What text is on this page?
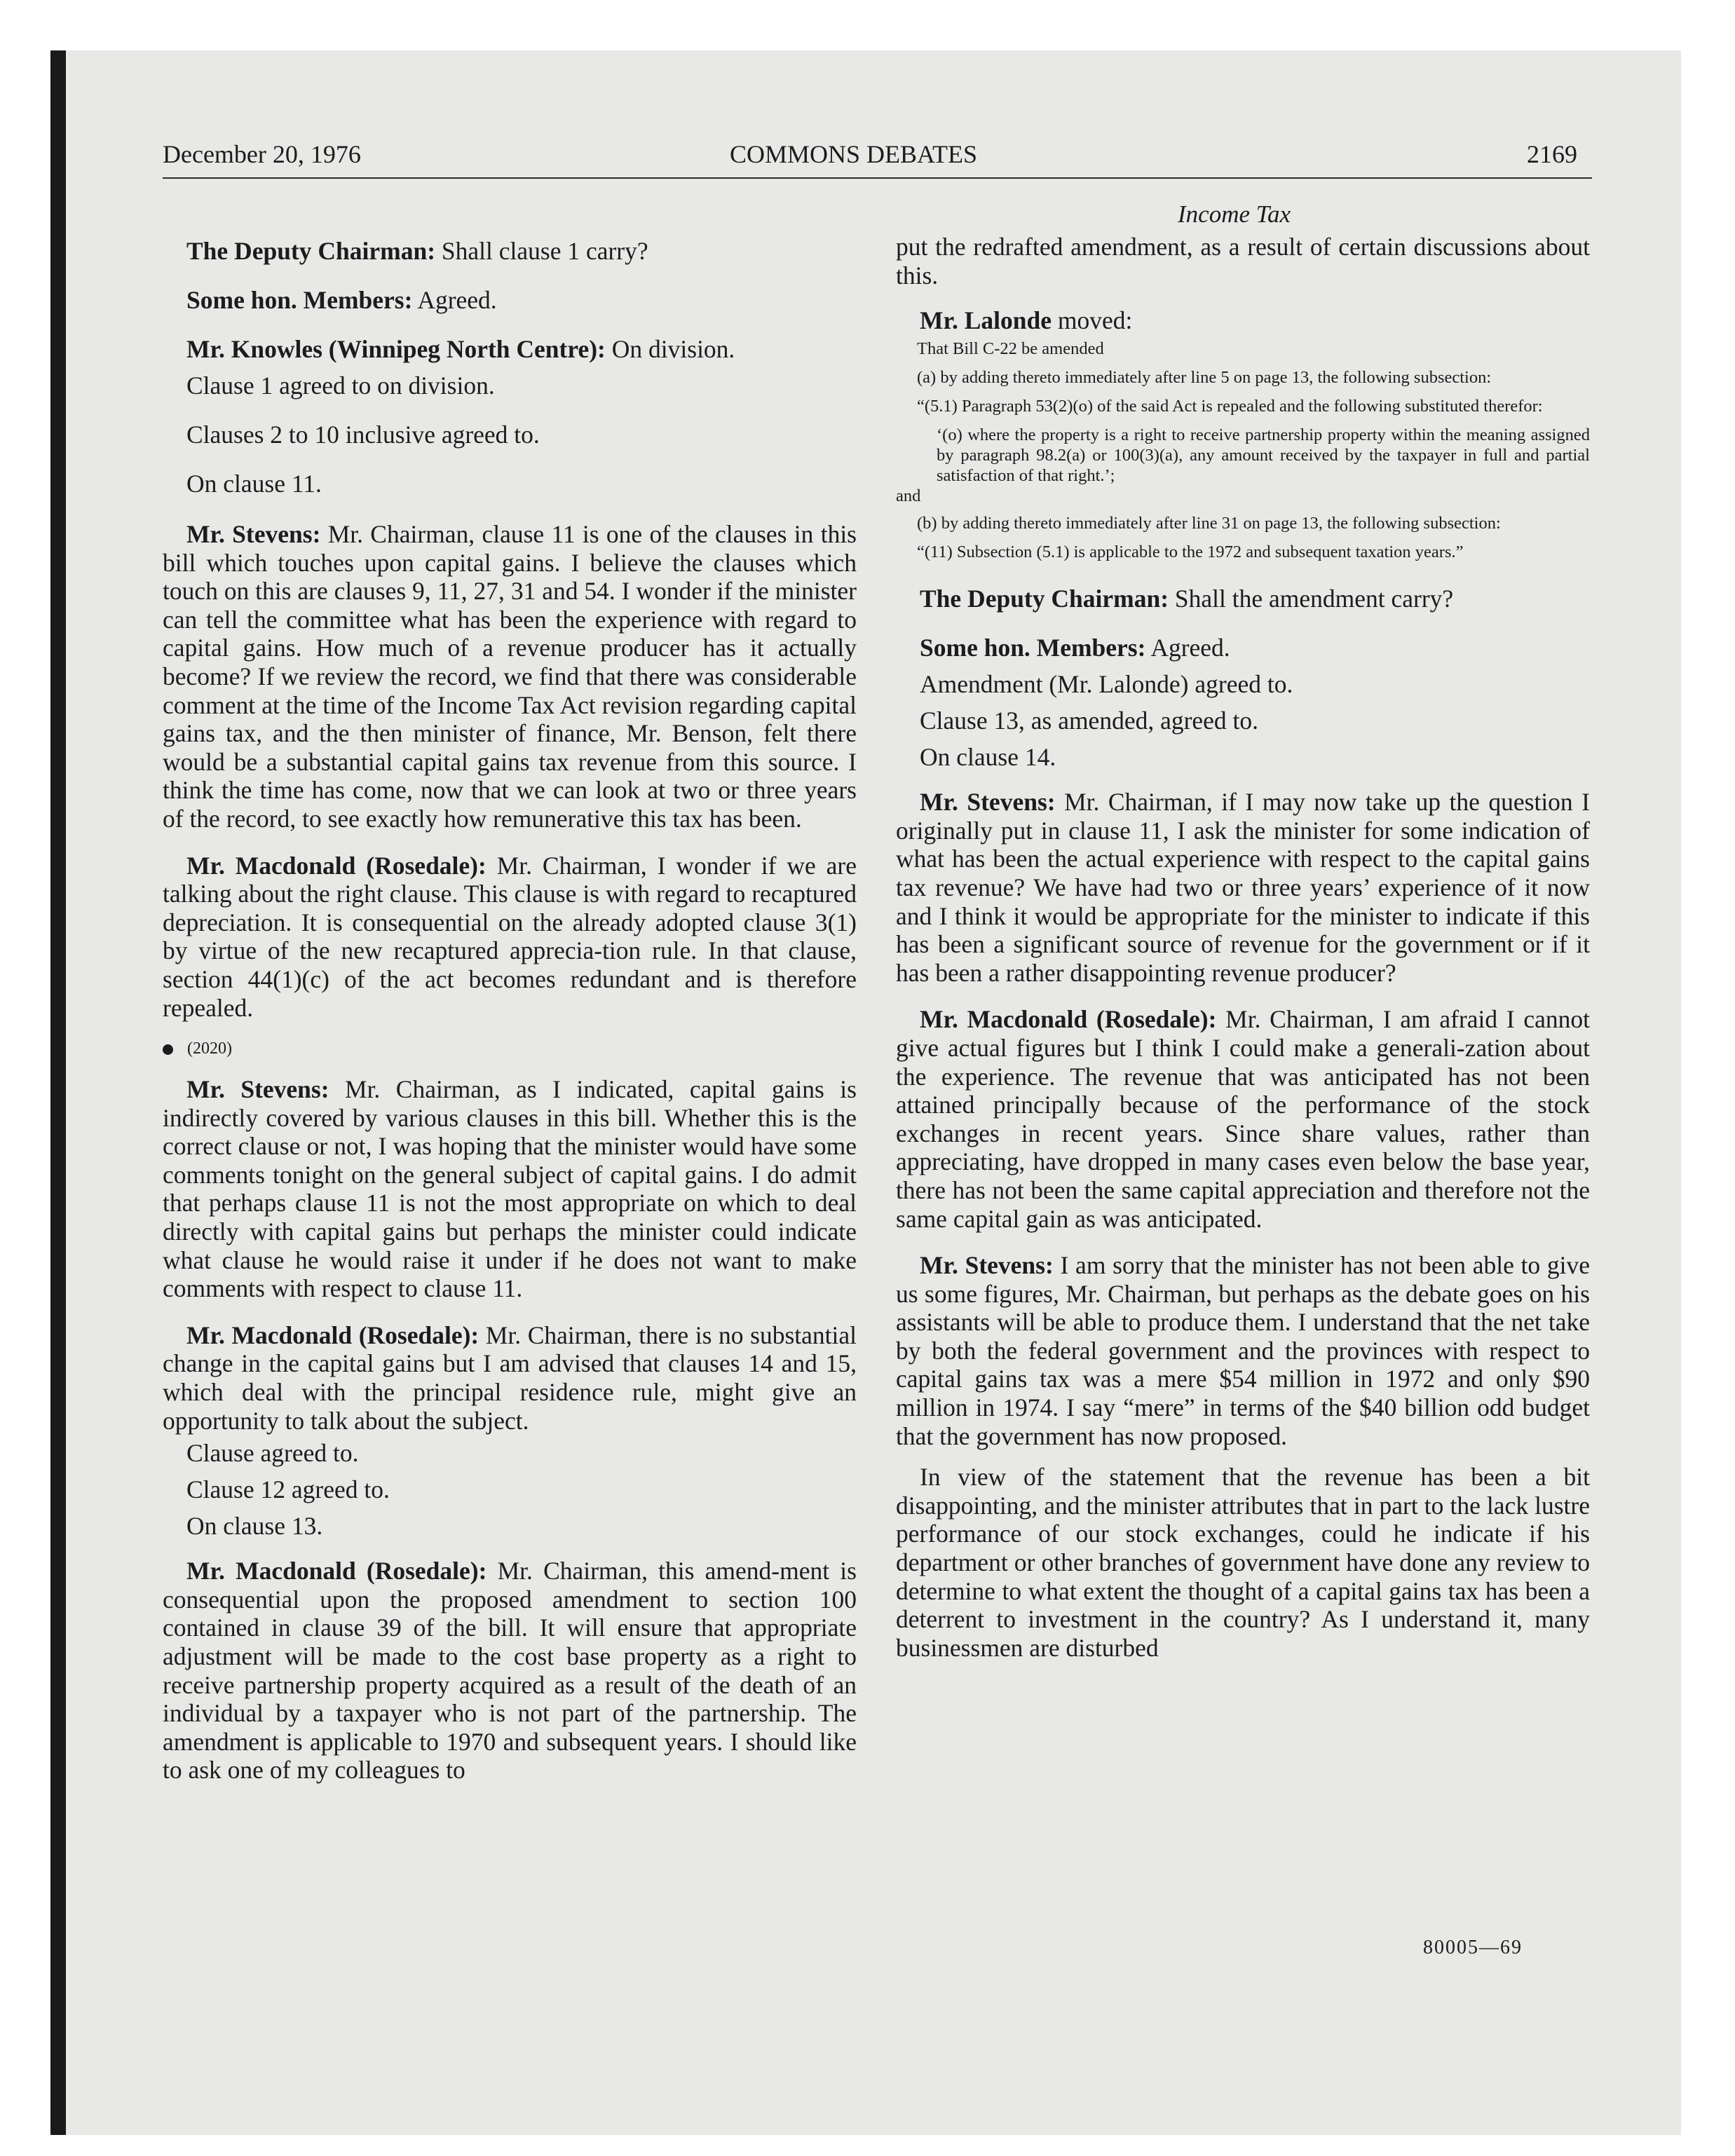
December 20, 1976	COMMONS DEBATES	2169
Income Tax

The Deputy Chairman: Shall clause 1 carry?

Some hon. Members: Agreed.

Mr. Knowles (Winnipeg North Centre): On division.

Clause 1 agreed to on division.

Clauses 2 to 10 inclusive agreed to.

On clause 11.

Mr. Stevens: Mr. Chairman, clause 11 is one of the clauses in this bill which touches upon capital gains. I believe the clauses which touch on this are clauses 9, 11, 27, 31 and 54. I wonder if the minister can tell the committee what has been the experience with regard to capital gains. How much of a revenue producer has it actually become? If we review the record, we find that there was considerable comment at the time of the Income Tax Act revision regarding capital gains tax, and the then minister of finance, Mr. Benson, felt there would be a substantial capital gains tax revenue from this source. I think the time has come, now that we can look at two or three years of the record, to see exactly how remunerative this tax has been.

Mr. Macdonald (Rosedale): Mr. Chairman, I wonder if we are talking about the right clause. This clause is with regard to recaptured depreciation. It is consequential on the already adopted clause 3(1) by virtue of the new recaptured apprecia-tion rule. In that clause, section 44(1)(c) of the act becomes redundant and is therefore repealed.

(2020)

Mr. Stevens: Mr. Chairman, as I indicated, capital gains is indirectly covered by various clauses in this bill. Whether this is the correct clause or not, I was hoping that the minister would have some comments tonight on the general subject of capital gains. I do admit that perhaps clause 11 is not the most appropriate on which to deal directly with capital gains but perhaps the minister could indicate what clause he would raise it under if he does not want to make comments with respect to clause 11.

Mr. Macdonald (Rosedale): Mr. Chairman, there is no substantial change in the capital gains but I am advised that clauses 14 and 15, which deal with the principal residence rule, might give an opportunity to talk about the subject.

Clause agreed to.

Clause 12 agreed to.

On clause 13.

Mr. Macdonald (Rosedale): Mr. Chairman, this amend-ment is consequential upon the proposed amendment to section 100 contained in clause 39 of the bill. It will ensure that appropriate adjustment will be made to the cost base property as a right to receive partnership property acquired as a result of the death of an individual by a taxpayer who is not part of the partnership. The amendment is applicable to 1970 and subsequent years. I should like to ask one of my colleagues to

put the redrafted amendment, as a result of certain discussions about this.

Mr. Lalonde moved:

That Bill C-22 be amended

(a) by adding thereto immediately after line 5 on page 13, the following subsection:

“(5.1) Paragraph 53(2)(o) of the said Act is repealed and the following substituted therefor:

‘(o) where the property is a right to receive partnership property within the meaning assigned by paragraph 98.2(a) or 100(3)(a), any amount received by the taxpayer in full and partial satisfaction of that right.’;

and

(b) by adding thereto immediately after line 31 on page 13, the following subsection:

“(11) Subsection (5.1) is applicable to the 1972 and subsequent taxation years.”

The Deputy Chairman: Shall the amendment carry?

Some hon. Members: Agreed.

Amendment (Mr. Lalonde) agreed to.

Clause 13, as amended, agreed to.

On clause 14.

Mr. Stevens: Mr. Chairman, if I may now take up the question I originally put in clause 11, I ask the minister for some indication of what has been the actual experience with respect to the capital gains tax revenue? We have had two or three years’ experience of it now and I think it would be appropriate for the minister to indicate if this has been a significant source of revenue for the government or if it has been a rather disappointing revenue producer?

Mr. Macdonald (Rosedale): Mr. Chairman, I am afraid I cannot give actual figures but I think I could make a generali-zation about the experience. The revenue that was anticipated has not been attained principally because of the performance of the stock exchanges in recent years. Since share values, rather than appreciating, have dropped in many cases even below the base year, there has not been the same capital appreciation and therefore not the same capital gain as was anticipated.

Mr. Stevens: I am sorry that the minister has not been able to give us some figures, Mr. Chairman, but perhaps as the debate goes on his assistants will be able to produce them. I understand that the net take by both the federal government and the provinces with respect to capital gains tax was a mere $54 million in 1972 and only $90 million in 1974. I say “mere” in terms of the $40 billion odd budget that the government has now proposed.

In view of the statement that the revenue has been a bit disappointing, and the minister attributes that in part to the lack lustre performance of our stock exchanges, could he indicate if his department or other branches of government have done any review to determine to what extent the thought of a capital gains tax has been a deterrent to investment in the country? As I understand it, many businessmen are disturbed

80005—69
